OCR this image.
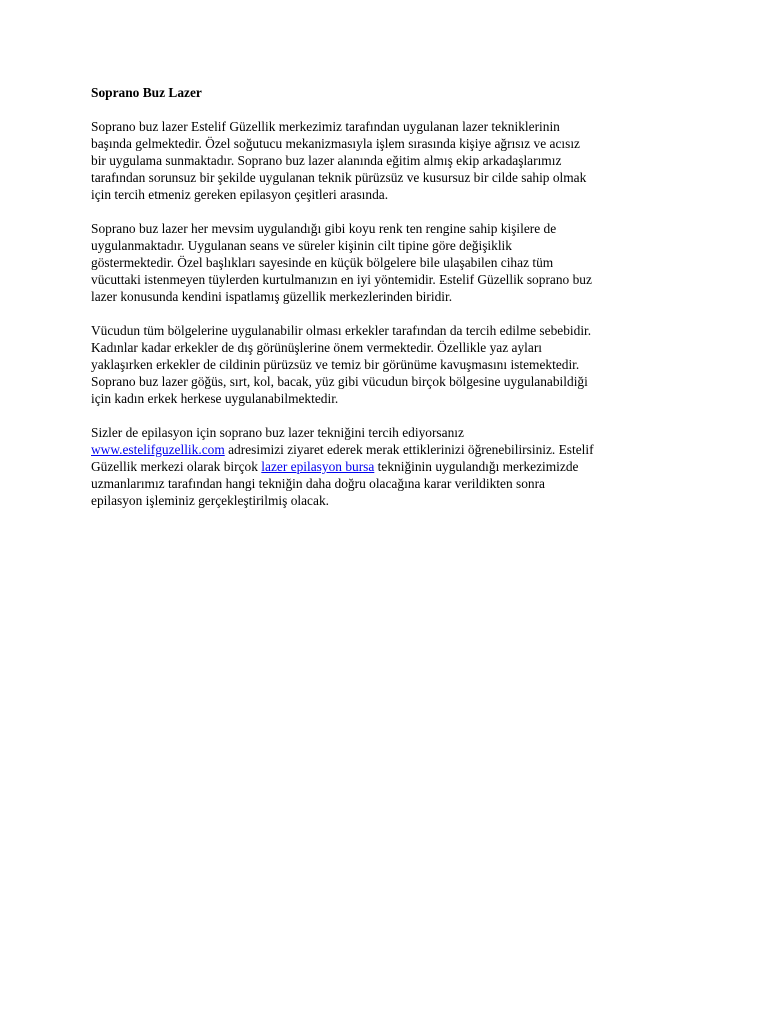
Soprano Buz Lazer
Soprano buz lazer Estelif Güzellik merkezimiz tarafından uygulanan lazer tekniklerinin
başında gelmektedir. Özel soğutucu mekanizmasıyla işlem sırasında kişiye ağrısız ve acısız
bir uygulama sunmaktadır. Soprano buz lazer alanında eğitim almış ekip arkadaşlarımız
tarafından sorunsuz bir şekilde uygulanan teknik pürüzsüz ve kusursuz bir cilde sahip olmak
için tercih etmeniz gereken epilasyon çeşitleri arasında.
Soprano buz lazer her mevsim uygulandığı gibi koyu renk ten rengine sahip kişilere de
uygulanmaktadır. Uygulanan seans ve süreler kişinin cilt tipine göre değişiklik
göstermektedir. Özel başlıkları sayesinde en küçük bölgelere bile ulaşabilen cihaz tüm
vücuttaki istenmeyen tüylerden kurtulmanızın en iyi yöntemidir. Estelif Güzellik soprano buz
lazer konusunda kendini ispatlamış güzellik merkezlerinden biridir.
Vücudun tüm bölgelerine uygulanabilir olması erkekler tarafından da tercih edilme sebebidir.
Kadınlar kadar erkekler de dış görünüşlerine önem vermektedir. Özellikle yaz ayları
yaklaşırken erkekler de cildinin pürüzsüz ve temiz bir görünüme kavuşmasını istemektedir.
Soprano buz lazer göğüs, sırt, kol, bacak, yüz gibi vücudun birçok bölgesine uygulanabildiği
için kadın erkek herkese uygulanabilmektedir.
Sizler de epilasyon için soprano buz lazer tekniğini tercih ediyorsanız
www.estelifguzellik.com adresimizi ziyaret ederek merak ettiklerinizi öğrenebilirsiniz. Estelif
Güzellik merkezi olarak birçok lazer epilasyon bursa tekniğinin uygulandığı merkezimizde
uzmanlarımız tarafından hangi tekniğin daha doğru olacağına karar verildikten sonra
epilasyon işleminiz gerçekleştirilmiş olacak.
